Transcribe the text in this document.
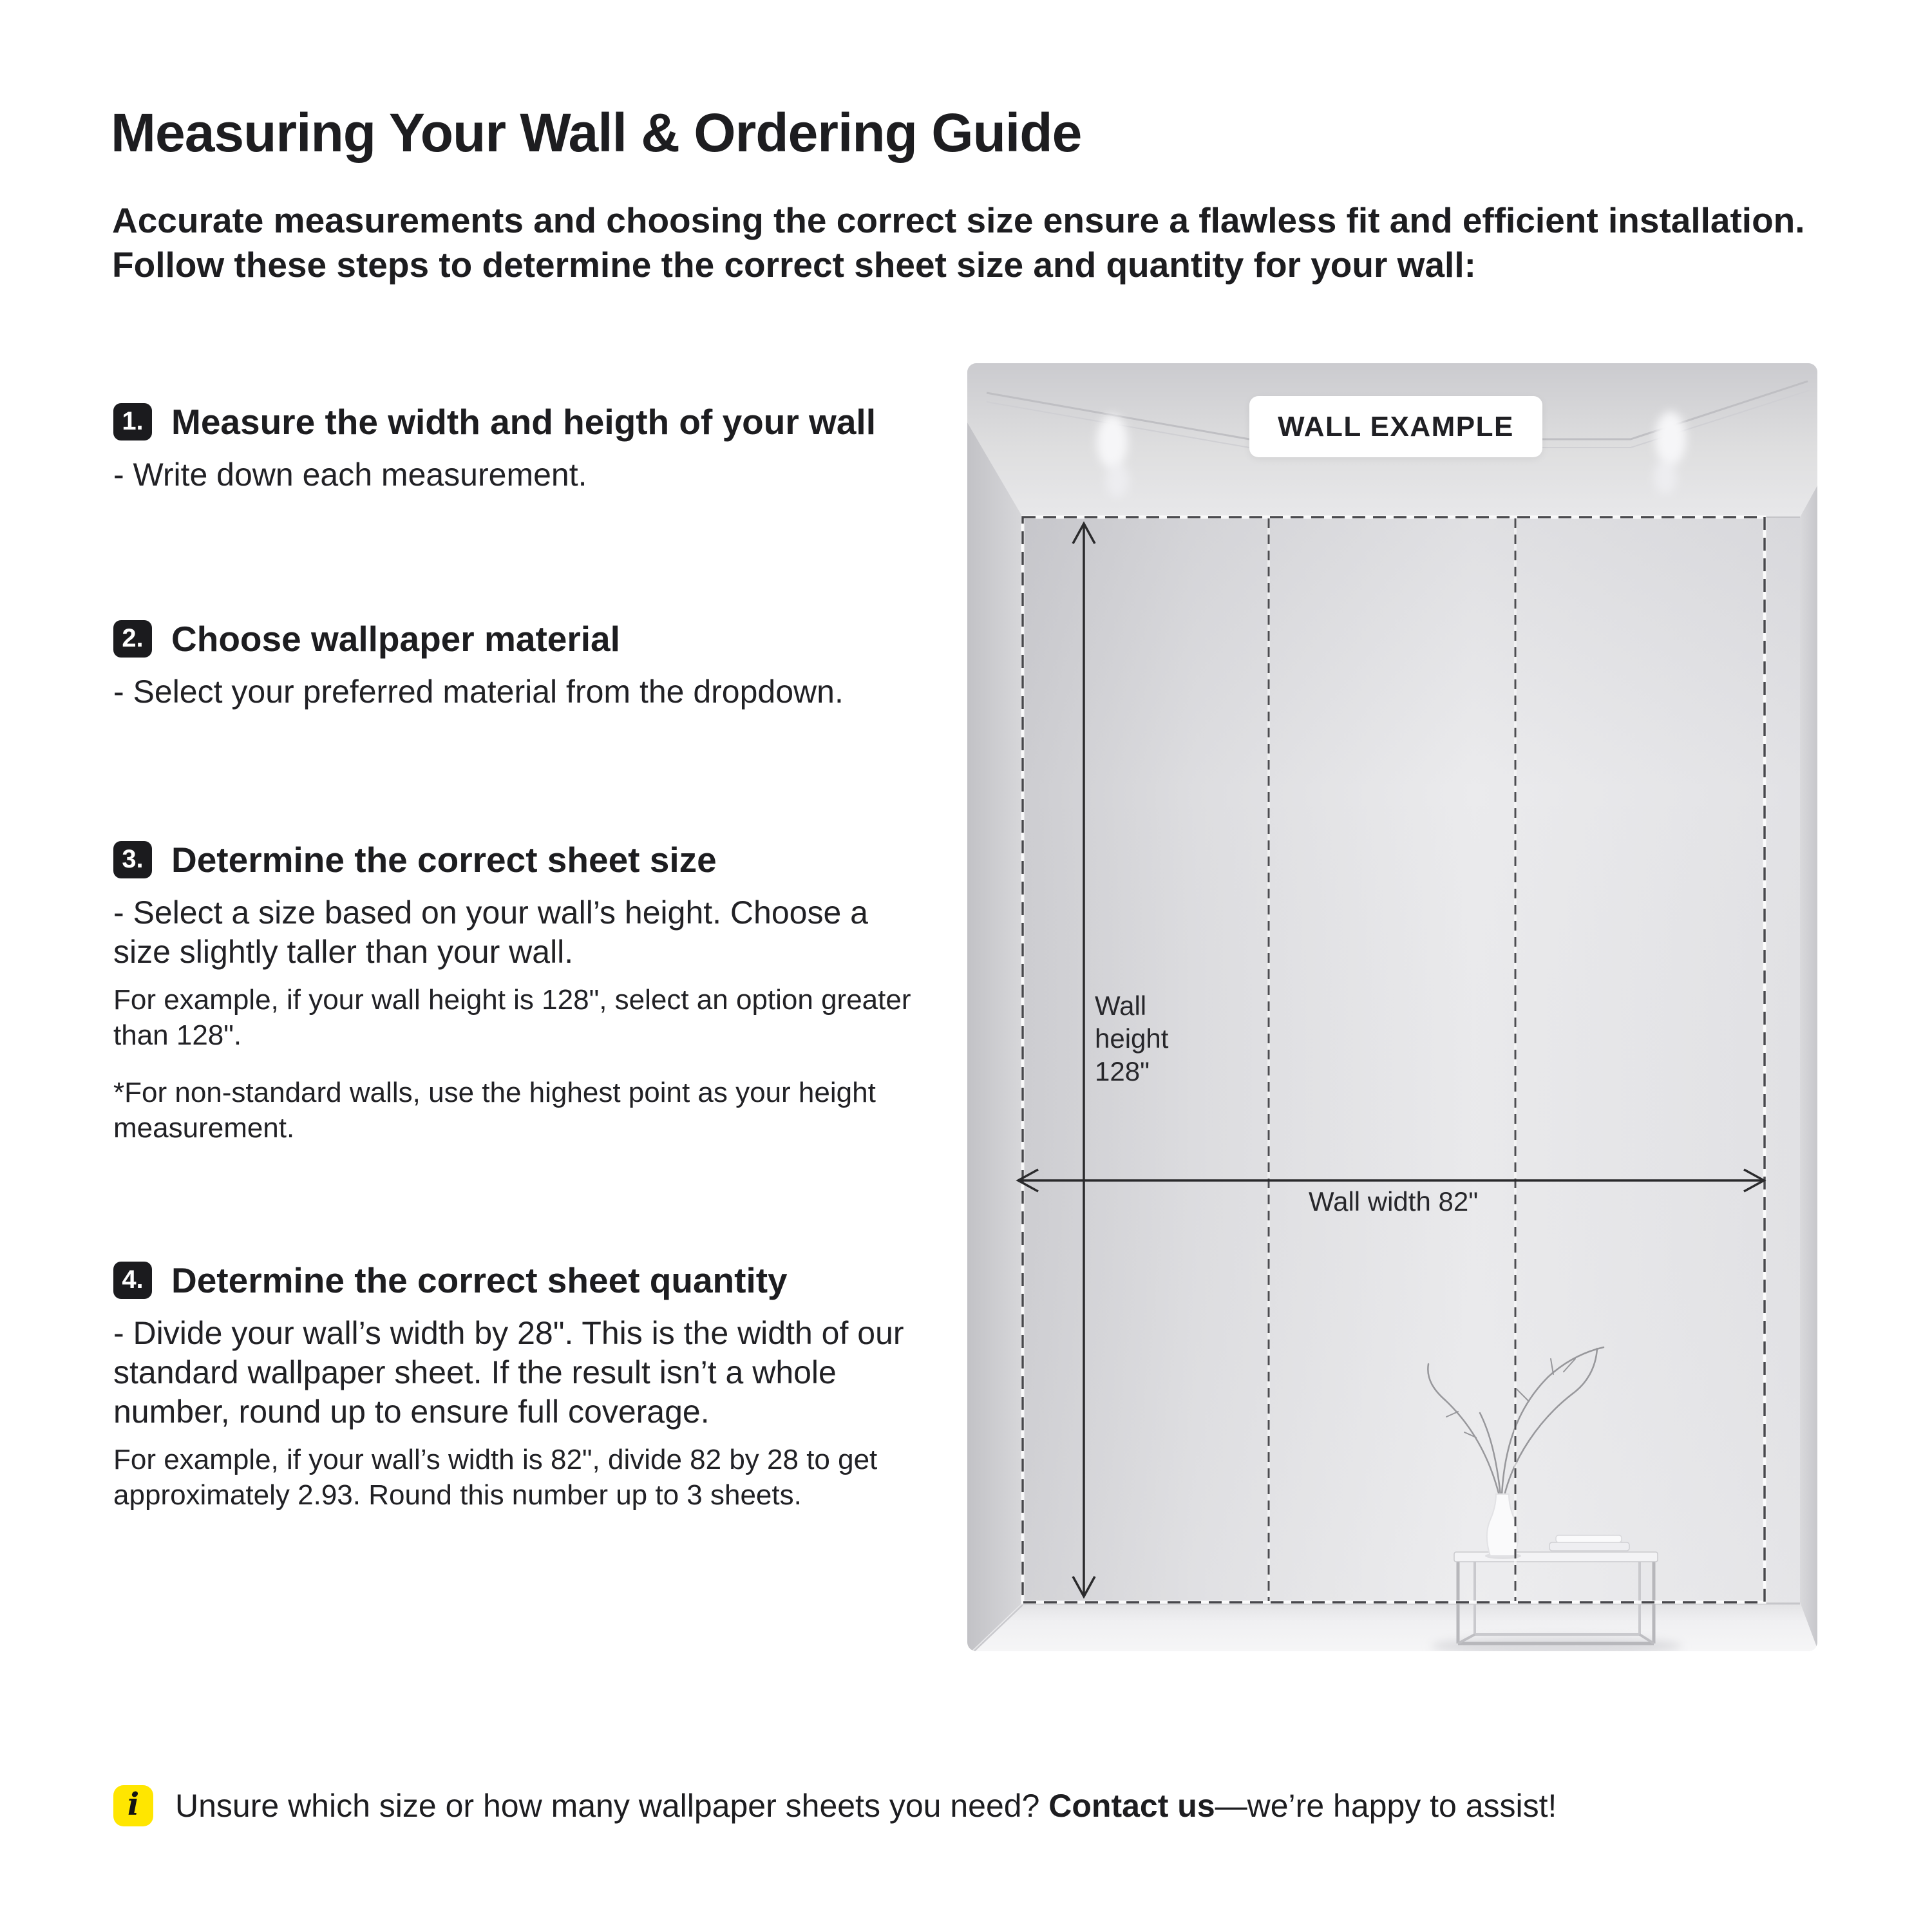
Measuring Your Wall & Ordering Guide
Accurate measurements and choosing the correct size ensure a flawless fit and efficient installation.
Follow these steps to determine the correct sheet size and quantity for your wall:
1. Measure the width and heigth of your wall
- Write down each measurement.
2. Choose wallpaper material
- Select your preferred material from the dropdown.
3. Determine the correct sheet size
- Select a size based on your wall’s height. Choose a
size slightly taller than your wall.
For example, if your wall height is 128", select an option greater
than 128".
*For non-standard walls, use the highest point as your height
measurement.
4. Determine the correct sheet quantity
- Divide your wall’s width by 28". This is the width of our
standard wallpaper sheet. If the result isn’t a whole
number, round up to ensure full coverage.
For example, if your wall’s width is 82", divide 82 by 28 to get
approximately 2.93. Round this number up to 3 sheets.
WALL EXAMPLE
Wall
height
128"
Wall width 82"
i	Unsure which size or how many wallpaper sheets you need? Contact us—we’re happy to assist!
